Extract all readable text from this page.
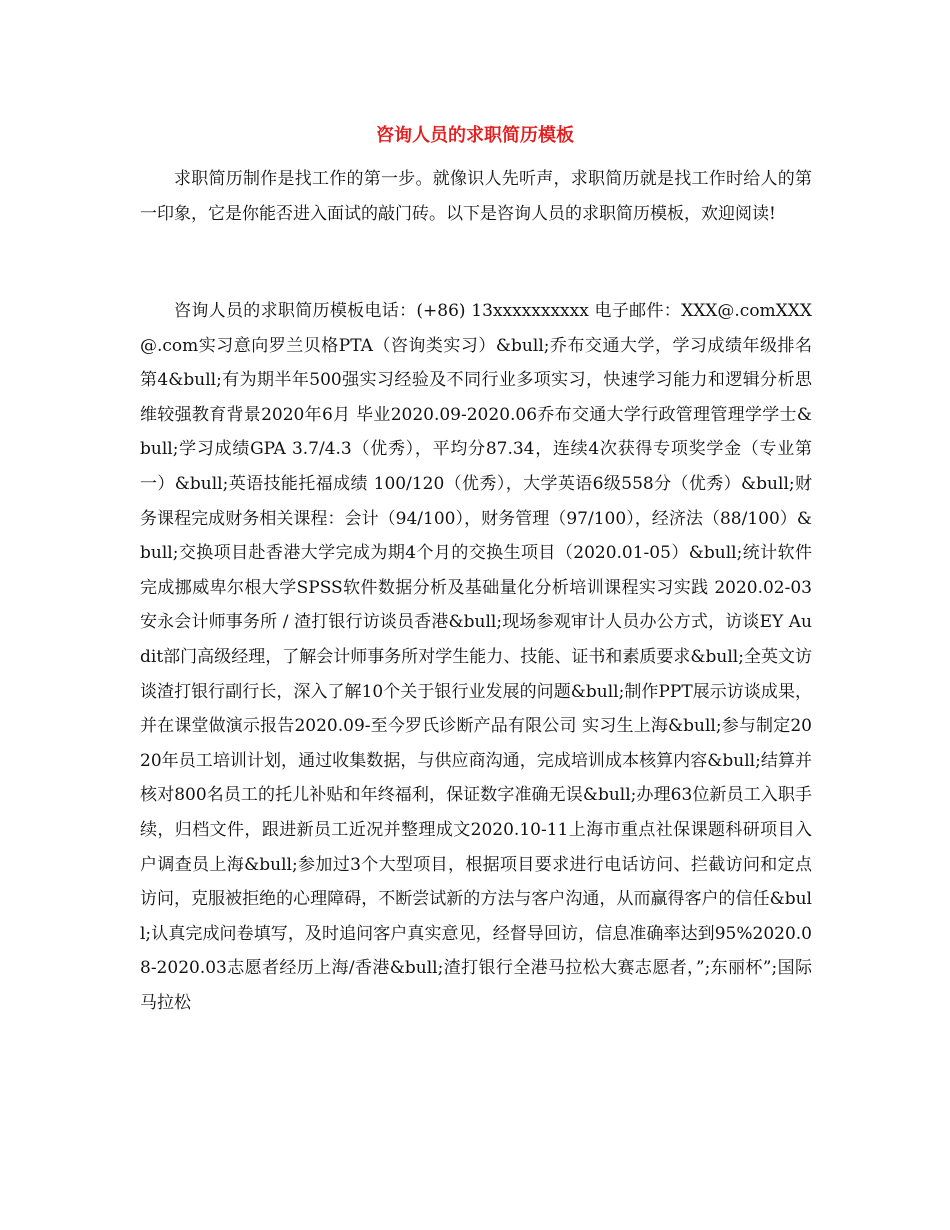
咨询人员的求职简历模板

求职简历制作是找工作的第一步。就像识人先听声，求职简历就是找工作时给人的第一印象，它是你能否进入面试的敲门砖。以下是咨询人员的求职简历模板，欢迎阅读!

咨询人员的求职简历模板电话：(+86) 13xxxxxxxxxx 电子邮件：XXX@.comXXX@.com实习意向罗兰贝格PTA（咨询类实习）&bull;乔布交通大学，学习成绩年级排名第4&bull;有为期半年500强实习经验及不同行业多项实习，快速学习能力和逻辑分析思维较强教育背景2020年6月 毕业2020.09-2020.06乔布交通大学行政管理管理学学士&bull;学习成绩GPA 3.7/4.3（优秀），平均分87.34，连续4次获得专项奖学金（专业第一）&bull;英语技能托福成绩 100/120（优秀），大学英语6级558分（优秀）&bull;财务课程完成财务相关课程：会计（94/100），财务管理（97/100），经济法（88/100）&bull;交换项目赴香港大学完成为期4个月的交换生项目（2020.01-05）&bull;统计软件完成挪威卑尔根大学SPSS软件数据分析及基础量化分析培训课程实习实践 2020.02-03安永会计师事务所 / 渣打银行访谈员香港&bull;现场参观审计人员办公方式，访谈EY Audit部门高级经理，了解会计师事务所对学生能力、技能、证书和素质要求&bull;全英文访谈渣打银行副行长，深入了解10个关于银行业发展的问题&bull;制作PPT展示访谈成果，并在课堂做演示报告2020.09-至今罗氏诊断产品有限公司 实习生上海&bull;参与制定2020年员工培训计划，通过收集数据，与供应商沟通，完成培训成本核算内容&bull;结算并核对800名员工的托儿补贴和年终福利，保证数字准确无误&bull;办理63位新员工入职手续，归档文件，跟进新员工近况并整理成文2020.10-11上海市重点社保课题科研项目入户调查员上海&bull;参加过3个大型项目，根据项目要求进行电话访问、拦截访问和定点访问，克服被拒绝的心理障碍，不断尝试新的方法与客户沟通，从而赢得客户的信任&bull;认真完成问卷填写，及时追问客户真实意见，经督导回访，信息准确率达到95%2020.08-2020.03志愿者经历上海/香港&bull;渣打银行全港马拉松大赛志愿者，”;东丽杯”;国际马拉松
